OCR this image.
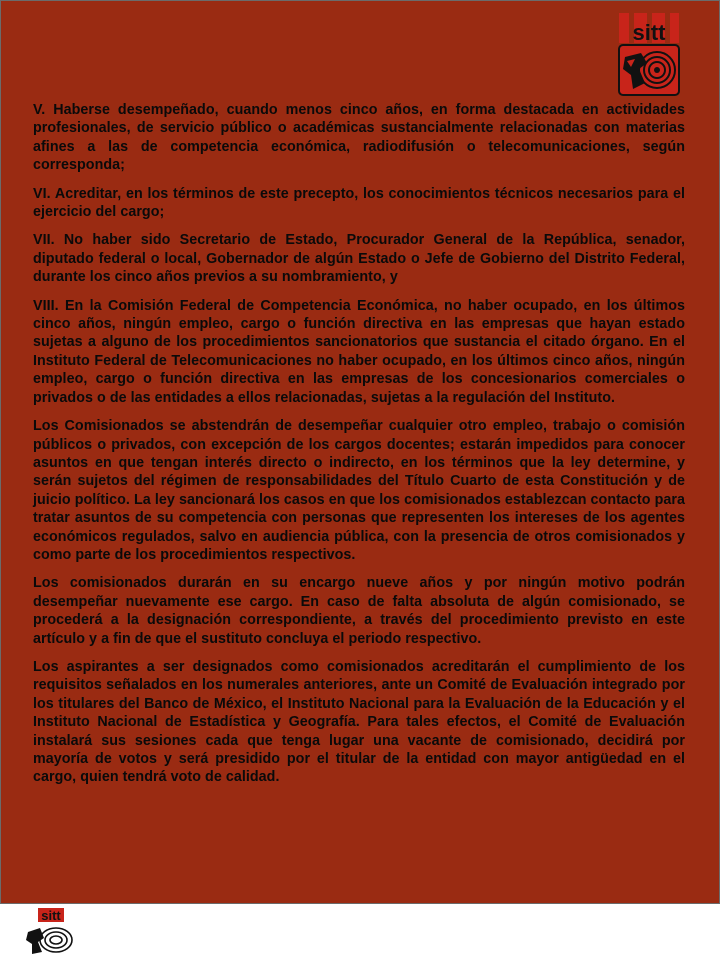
sitt

V. Haberse desempeñado, cuando menos cinco años, en forma destacada en actividades profesionales, de servicio público o académicas sustancialmente relacionadas con materias afines a las de competencia económica, radiodifusión o telecomunicaciones, según corresponda;

VI. Acreditar, en los términos de este precepto, los conocimientos técnicos necesarios para el ejercicio del cargo;

VII. No haber sido Secretario de Estado, Procurador General de la República, senador, diputado federal o local, Gobernador de algún Estado o Jefe de Gobierno del Distrito Federal, durante los cinco años previos a su nombramiento, y

VIII. En la Comisión Federal de Competencia Económica, no haber ocupado, en los últimos cinco años, ningún empleo, cargo o función directiva en las empresas que hayan estado sujetas a alguno de los procedimientos sancionatorios que sustancia el citado órgano. En el Instituto Federal de Telecomunicaciones no haber ocupado, en los últimos cinco años, ningún empleo, cargo o función directiva en las empresas de los concesionarios comerciales o privados o de las entidades a ellos relacionadas, sujetas a la regulación del Instituto.

Los Comisionados se abstendrán de desempeñar cualquier otro empleo, trabajo o comisión públicos o privados, con excepción de los cargos docentes; estarán impedidos para conocer asuntos en que tengan interés directo o indirecto, en los términos que la ley determine, y serán sujetos del régimen de responsabilidades del Título Cuarto de esta Constitución y de juicio político. La ley sancionará los casos en que los comisionados establezcan contacto para tratar asuntos de su competencia con personas que representen los intereses de los agentes económicos regulados, salvo en audiencia pública, con la presencia de otros comisionados y como parte de los procedimientos respectivos.

Los comisionados durarán en su encargo nueve años y por ningún motivo podrán desempeñar nuevamente ese cargo. En caso de falta absoluta de algún comisionado, se procederá a la designación correspondiente, a través del procedimiento previsto en este artículo y a fin de que el sustituto concluya el periodo respectivo.

Los aspirantes a ser designados como comisionados acreditarán el cumplimiento de los requisitos señalados en los numerales anteriores, ante un Comité de Evaluación integrado por los titulares del Banco de México, el Instituto Nacional para la Evaluación de la Educación y el Instituto Nacional de Estadística y Geografía. Para tales efectos, el Comité de Evaluación instalará sus sesiones cada que tenga lugar una vacante de comisionado, decidirá por mayoría de votos y será presidido por el titular de la entidad con mayor antigüedad en el cargo, quien tendrá voto de calidad.

sitt
